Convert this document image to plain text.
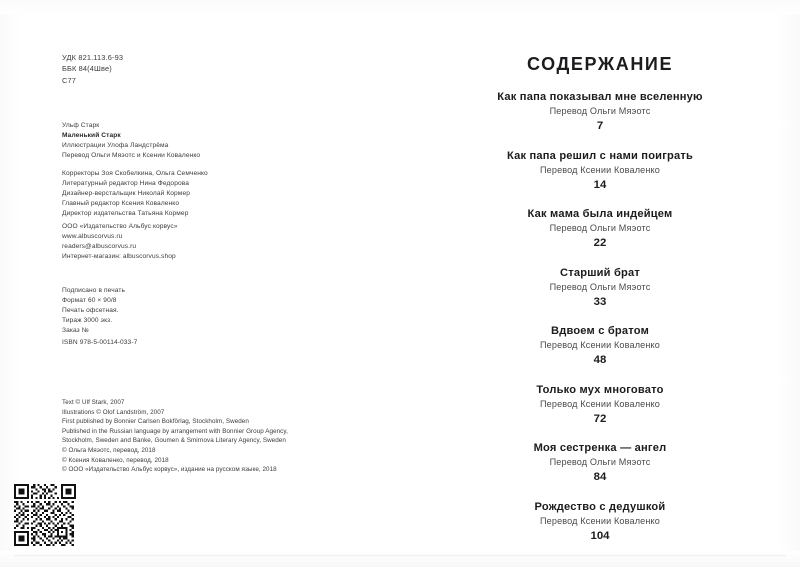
УДК 821.113.6-93
ББК 84(4Шве)
С77
Ульф Старк
Маленький Старк
Иллюстрации Улофа Ландстрёма
Перевод Ольги Мяэотс и Ксении Коваленко
Корректоры Зоя Скобелкина, Ольга Семченко
Литературный редактор Нина Федорова
Дизайнер-верстальщик Николай Кормер
Главный редактор Ксения Коваленко
Директор издательства Татьяна Кормер
ООО «Издательство Альбус корвус»
www.albuscorvus.ru
readers@albuscorvus.ru
Интернет-магазин: albuscorvus.shop
Подписано в печать
Формат 60 × 90/8
Печать офсетная.
Тираж 3000 экз.
Заказ №
ISBN 978-5-00114-033-7
Text © Ulf Stark, 2007
Illustrations © Olof Landström, 2007
First published by Bonnier Carlsen Bokförlag, Stockholm, Sweden
Published in the Russian language by arrangement with Bonnier Group Agency,
Stockholm, Sweden and Banke, Goumen & Smirnova Literary Agency, Sweden
© Ольга Мяэотс, перевод, 2018
© Ксения Коваленко, перевод, 2018
© ООО «Издательство Альбус корвус», издание на русском языке, 2018
СОДЕРЖАНИЕ
Как папа показывал мне вселенную
Перевод Ольги Мяэотс
7
Как папа решил с нами поиграть
Перевод Ксении Коваленко
14
Как мама была индейцем
Перевод Ольги Мяэотс
22
Старший брат
Перевод Ольги Мяэотс
33
Вдвоем с братом
Перевод Ксении Коваленко
48
Только мух многовато
Перевод Ксении Коваленко
72
Моя сестренка — ангел
Перевод Ольги Мяэотс
84
Рождество с дедушкой
Перевод Ксении Коваленко
104
